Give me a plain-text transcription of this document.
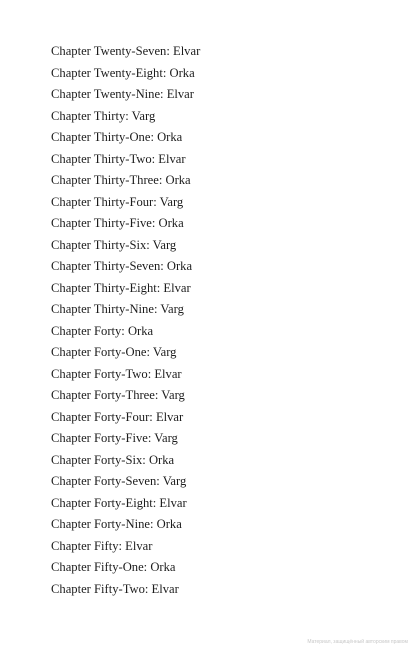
Chapter Twenty-Seven: Elvar
Chapter Twenty-Eight: Orka
Chapter Twenty-Nine: Elvar
Chapter Thirty: Varg
Chapter Thirty-One: Orka
Chapter Thirty-Two: Elvar
Chapter Thirty-Three: Orka
Chapter Thirty-Four: Varg
Chapter Thirty-Five: Orka
Chapter Thirty-Six: Varg
Chapter Thirty-Seven: Orka
Chapter Thirty-Eight: Elvar
Chapter Thirty-Nine: Varg
Chapter Forty: Orka
Chapter Forty-One: Varg
Chapter Forty-Two: Elvar
Chapter Forty-Three: Varg
Chapter Forty-Four: Elvar
Chapter Forty-Five: Varg
Chapter Forty-Six: Orka
Chapter Forty-Seven: Varg
Chapter Forty-Eight: Elvar
Chapter Forty-Nine: Orka
Chapter Fifty: Elvar
Chapter Fifty-One: Orka
Chapter Fifty-Two: Elvar
Материал, защищённый авторским правом
